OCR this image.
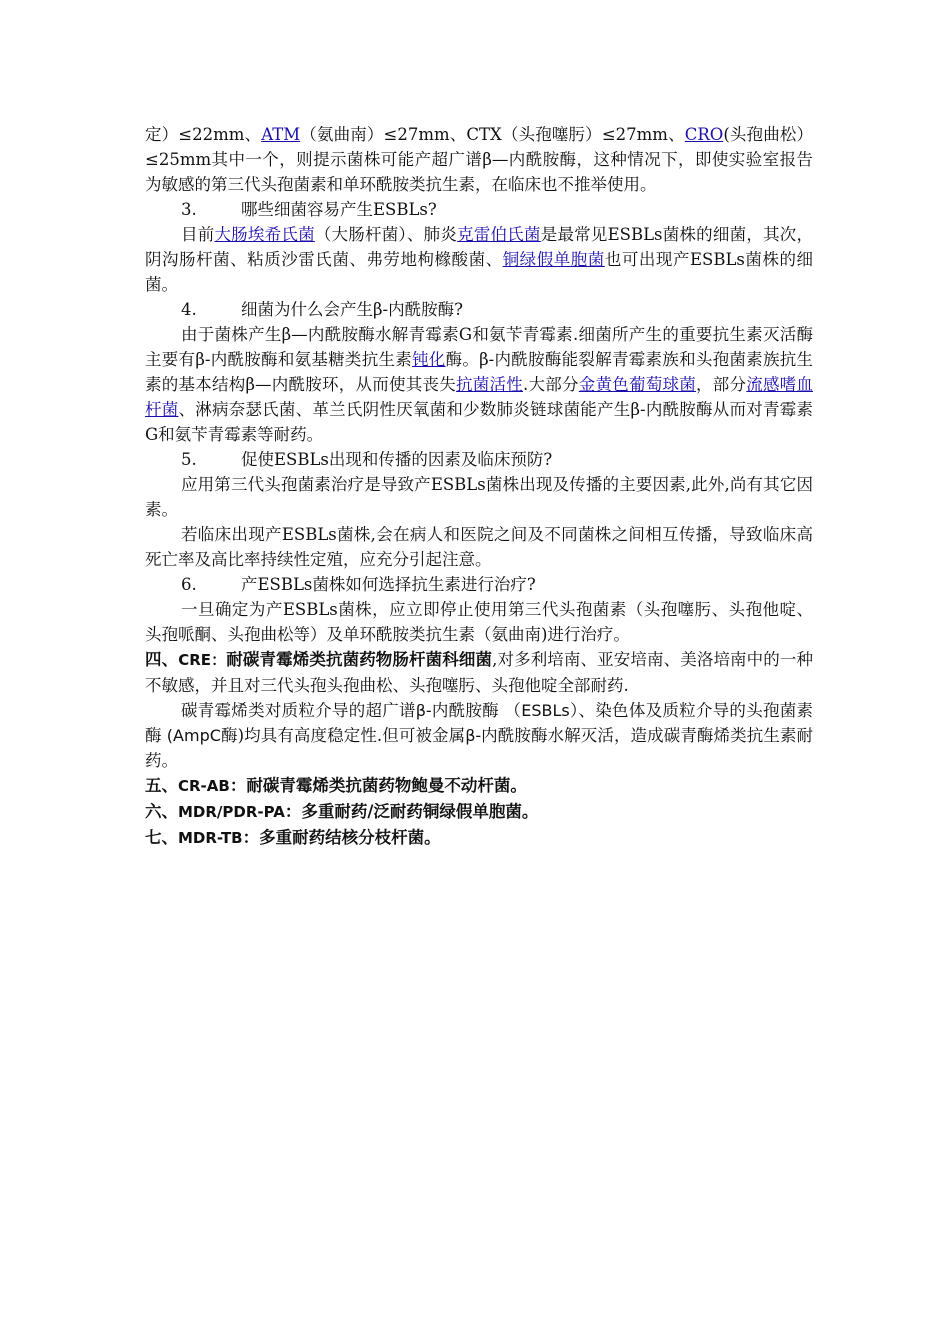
定）≤22mm、ATM（氨曲南）≤27mm、CTX（头孢噻肟）≤27mm、CRO(头孢曲松）≤25mm其中一个，则提示菌株可能产超广谱β—内酰胺酶，这种情况下，即使实验室报告为敏感的第三代头孢菌素和单环酰胺类抗生素，在临床也不推举使用。

3.	哪些细菌容易产生ESBLs?

目前大肠埃希氏菌（大肠杆菌）、肺炎克雷伯氏菌是最常见ESBLs菌株的细菌，其次，阴沟肠杆菌、粘质沙雷氏菌、弗劳地枸橼酸菌、铜绿假单胞菌也可出现产ESBLs菌株的细菌。

4.	细菌为什么会产生β-内酰胺酶?

由于菌株产生β—内酰胺酶水解青霉素G和氨苄青霉素.细菌所产生的重要抗生素灭活酶主要有β-内酰胺酶和氨基糖类抗生素钝化酶。β-内酰胺酶能裂解青霉素族和头孢菌素族抗生素的基本结构β—内酰胺环，从而使其丧失抗菌活性.大部分金黄色葡萄球菌，部分流感嗜血杆菌、淋病奈瑟氏菌、革兰氏阴性厌氧菌和少数肺炎链球菌能产生β-内酰胺酶从而对青霉素G和氨苄青霉素等耐药。

5.	促使ESBLs出现和传播的因素及临床预防?

应用第三代头孢菌素治疗是导致产ESBLs菌株出现及传播的主要因素,此外,尚有其它因素。

若临床出现产ESBLs菌株,会在病人和医院之间及不同菌株之间相互传播，导致临床高死亡率及高比率持续性定殖，应充分引起注意。

6.	产ESBLs菌株如何选择抗生素进行治疗?

一旦确定为产ESBLs菌株，应立即停止使用第三代头孢菌素（头孢噻肟、头孢他啶、头孢哌酮、头孢曲松等）及单环酰胺类抗生素（氨曲南)进行治疗。

四、CRE：耐碳青霉烯类抗菌药物肠杆菌科细菌,对多利培南、亚安培南、美洛培南中的一种不敏感，并且对三代头孢头孢曲松、头孢噻肟、头孢他啶全部耐药.

碳青霉烯类对质粒介导的超广谱β-内酰胺酶 （ESBLs）、染色体及质粒介导的头孢菌素酶 (AmpC酶)均具有高度稳定性.但可被金属β-内酰胺酶水解灭活，造成碳青酶烯类抗生素耐药。

五、CR-AB：耐碳青霉烯类抗菌药物鲍曼不动杆菌。

六、MDR/PDR-PA：多重耐药/泛耐药铜绿假单胞菌。

七、MDR-TB：多重耐药结核分枝杆菌。
